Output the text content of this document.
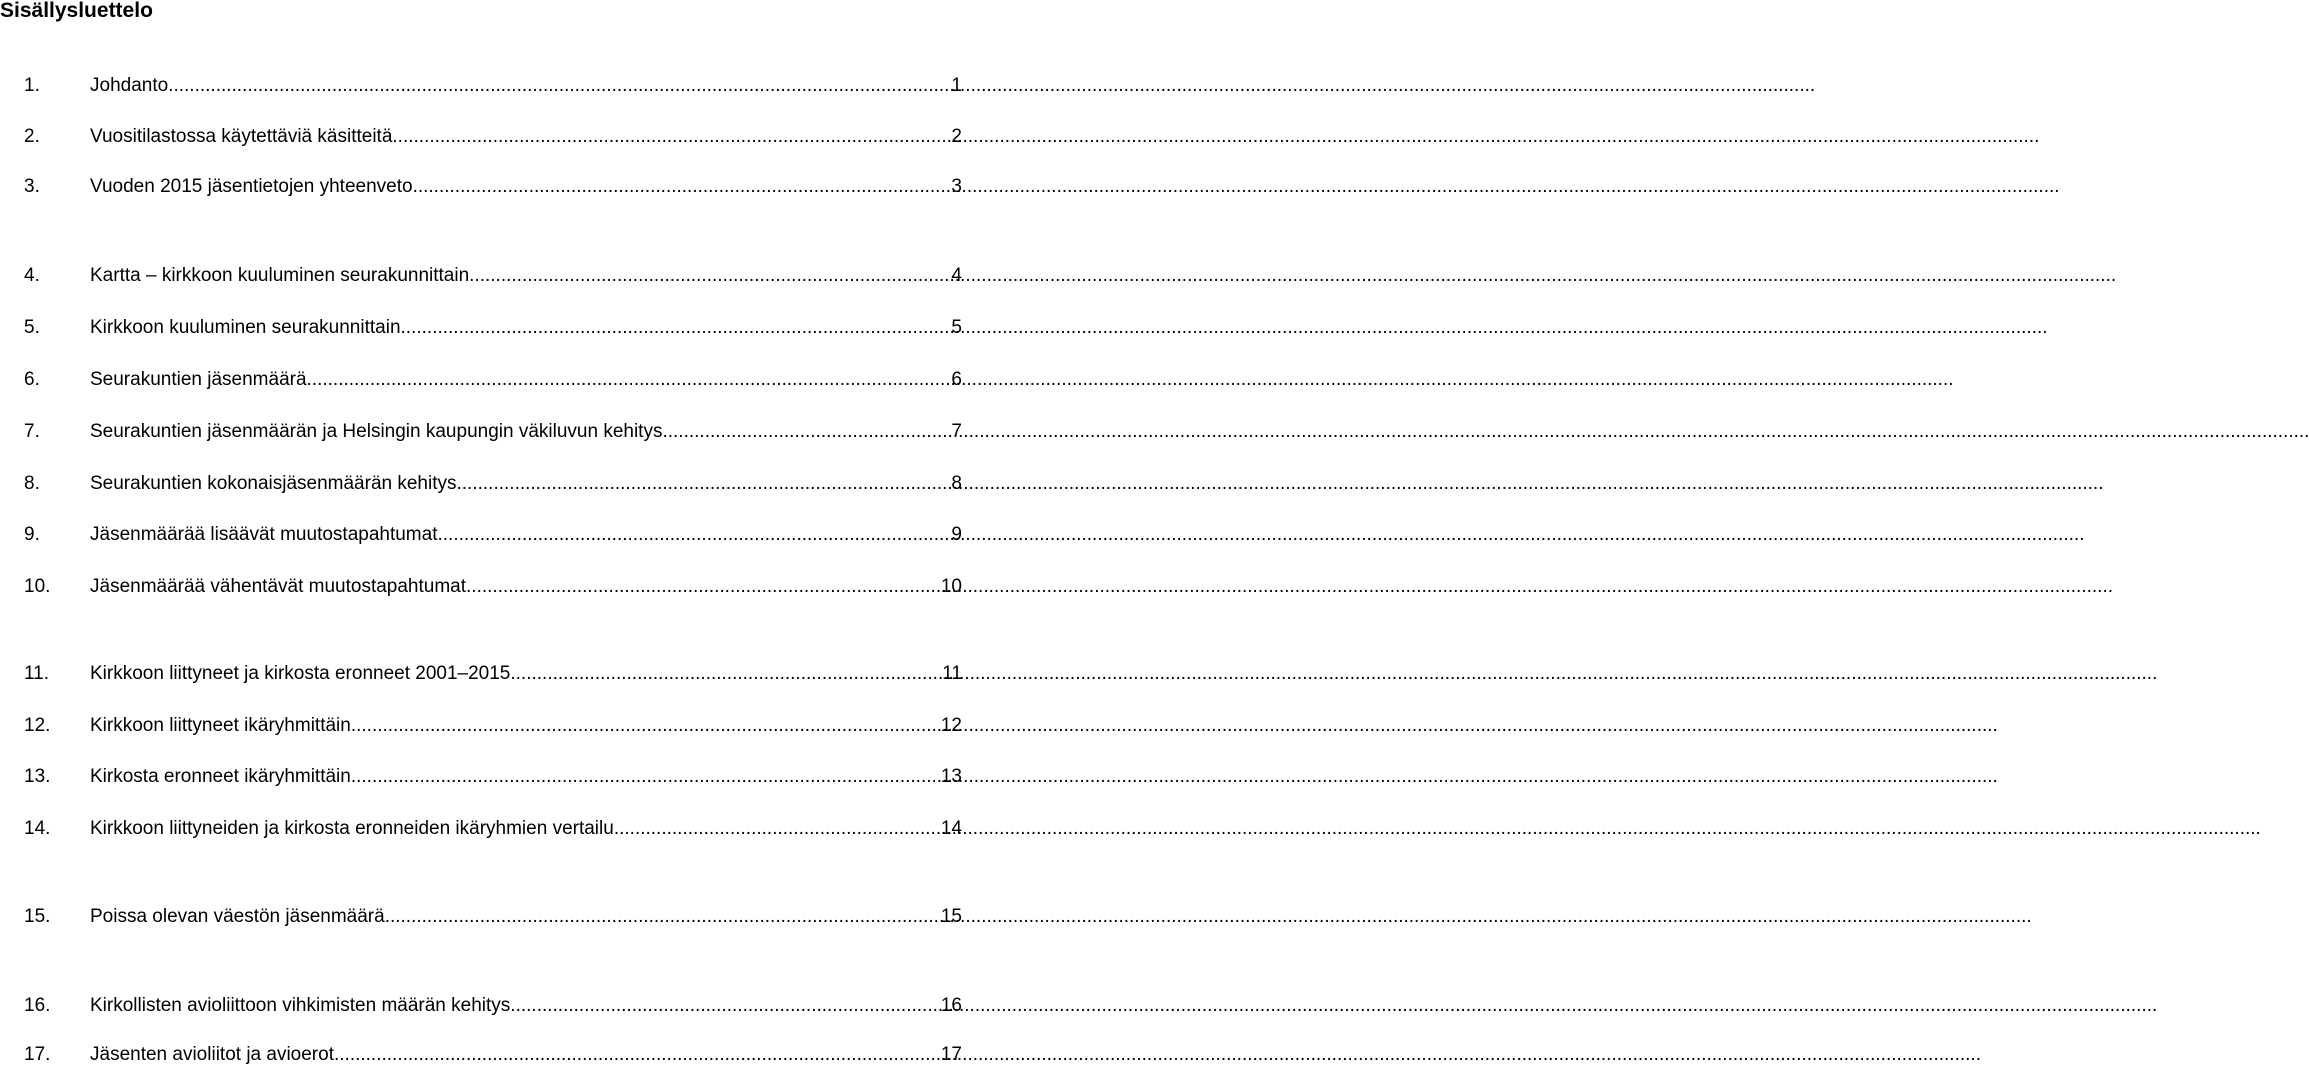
Sisällysluettelo
1.	Johdanto .....	1
2.	Vuositilastossa käytettäviä käsitteitä .....	2
3.	Vuoden 2015 jäsentietojen yhteenveto .....	3
4.	Kartta – kirkkoon kuuluminen seurakunnittain .....	4
5.	Kirkkoon kuuluminen seurakunnittain .....	5
6.	Seurakuntien jäsenmäärä .....	6
7.	Seurakuntien jäsenmäärän ja Helsingin kaupungin väkiluvun kehitys .....	7
8.	Seurakuntien kokonaisjäsenmäärän kehitys .....	8
9.	Jäsenmäärää lisäävät muutostapahtumat .....	9
10.	Jäsenmäärää vähentävät muutostapahtumat .....	10
11.	Kirkkoon liittyneet ja kirkosta eronneet 2001–2015 .....	11
12.	Kirkkoon liittyneet ikäryhmittäin .....	12
13.	Kirkosta eronneet ikäryhmittäin .....	13
14.	Kirkkoon liittyneiden ja kirkosta eronneiden ikäryhmien vertailu .....	14
15.	Poissa olevan väestön jäsenmäärä .....	15
16.	Kirkollisten avioliittoon vihkimisten määrän kehitys .....	16
17.	Jäsenten avioliitot ja avioerot .....	17
